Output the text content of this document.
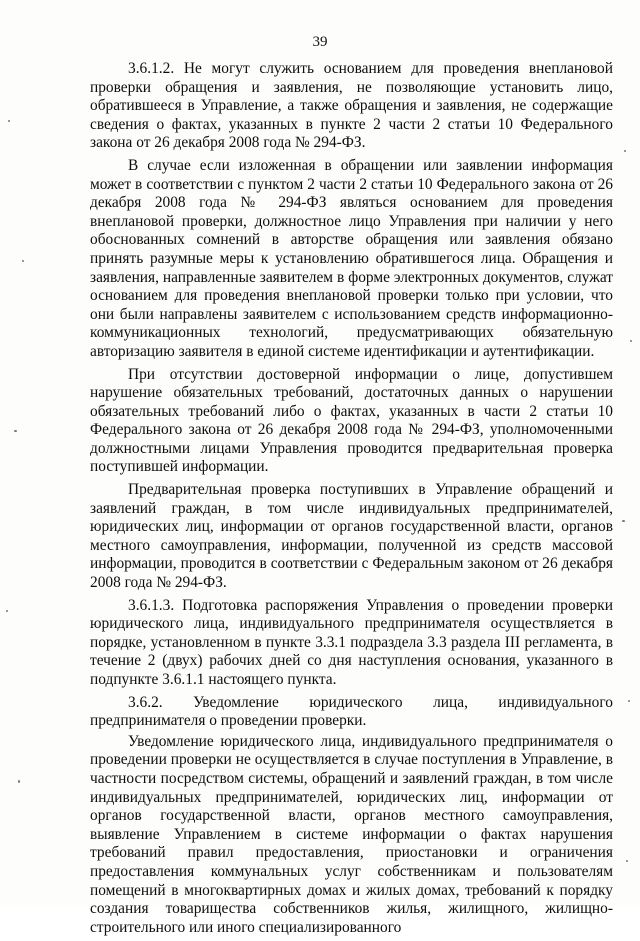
39

3.6.1.2. Не могут служить основанием для проведения внеплановой проверки обращения и заявления, не позволяющие установить лицо, обратившееся в Управление, а также обращения и заявления, не содержащие сведения о фактах, указанных в пункте 2 части 2 статьи 10 Федерального закона от 26 декабря 2008 года № 294-ФЗ.

В случае если изложенная в обращении или заявлении информация может в соответствии с пунктом 2 части 2 статьи 10 Федерального закона от 26 декабря 2008 года № 294-ФЗ являться основанием для проведения внеплановой проверки, должностное лицо Управления при наличии у него обоснованных сомнений в авторстве обращения или заявления обязано принять разумные меры к установлению обратившегося лица. Обращения и заявления, направленные заявителем в форме электронных документов, служат основанием для проведения внеплановой проверки только при условии, что они были направлены заявителем с использованием средств информационно-коммуникационных технологий, предусматривающих обязательную авторизацию заявителя в единой системе идентификации и аутентификации.

При отсутствии достоверной информации о лице, допустившем нарушение обязательных требований, достаточных данных о нарушении обязательных требований либо о фактах, указанных в части 2 статьи 10 Федерального закона от 26 декабря 2008 года № 294-ФЗ, уполномоченными должностными лицами Управления проводится предварительная проверка поступившей информации.

Предварительная проверка поступивших в Управление обращений и заявлений граждан, в том числе индивидуальных предпринимателей, юридических лиц, информации от органов государственной власти, органов местного самоуправления, информации, полученной из средств массовой информации, проводится в соответствии с Федеральным законом от 26 декабря 2008 года № 294-ФЗ.

3.6.1.3. Подготовка распоряжения Управления о проведении проверки юридического лица, индивидуального предпринимателя осуществляется в порядке, установленном в пункте 3.3.1 подраздела 3.3 раздела III регламента, в течение 2 (двух) рабочих дней со дня наступления основания, указанного в подпункте 3.6.1.1 настоящего пункта.

3.6.2. Уведомление юридического лица, индивидуального предпринимателя о проведении проверки.

Уведомление юридического лица, индивидуального предпринимателя о проведении проверки не осуществляется в случае поступления в Управление, в частности посредством системы, обращений и заявлений граждан, в том числе индивидуальных предпринимателей, юридических лиц, информации от органов государственной власти, органов местного самоуправления, выявление Управлением в системе информации о фактах нарушения требований правил предоставления, приостановки и ограничения предоставления коммунальных услуг собственникам и пользователям помещений в многоквартирных домах и жилых домах, требований к порядку создания товарищества собственников жилья, жилищного, жилищно-строительного или иного специализированного
